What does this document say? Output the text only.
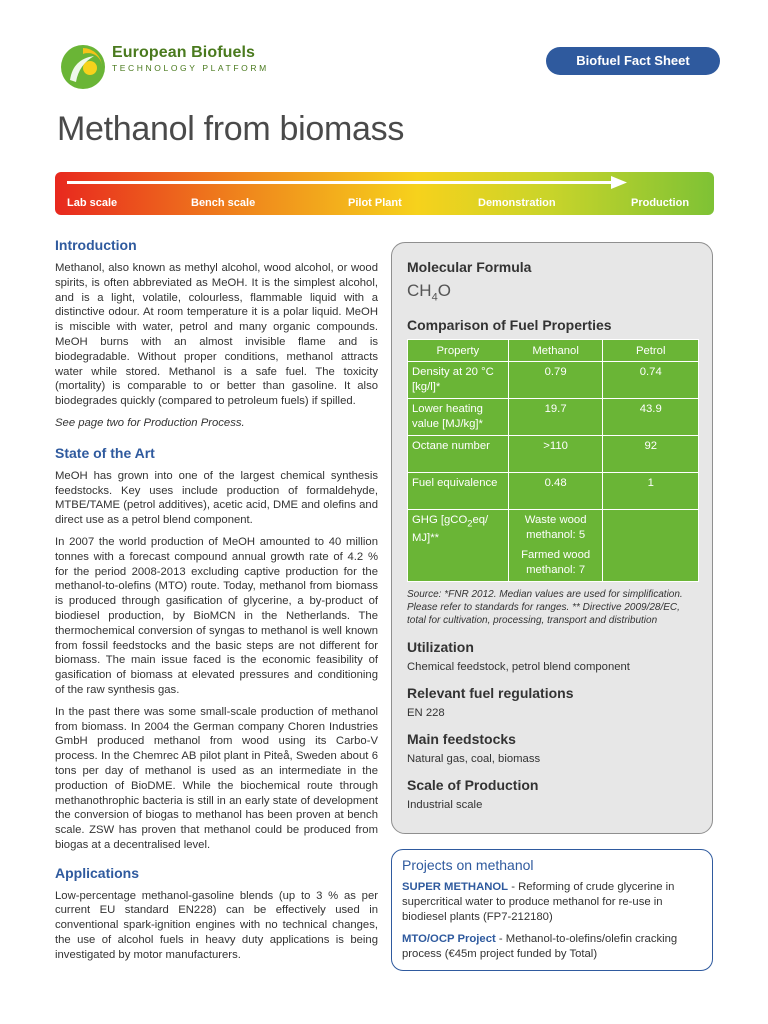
European Biofuels
TECHNOLOGY PLATFORM	Biofuel Fact Sheet
Methanol from biomass
Lab scale	Bench scale	Pilot Plant	Demonstration	Production
Introduction

Methanol, also known as methyl alcohol, wood alcohol, or wood spirits, is often abbreviated as MeOH. It is the simplest alcohol, and is a light, volatile, colourless, flammable liquid with a distinctive odour. At room temperature it is a polar liquid. MeOH is miscible with water, petrol and many organic compounds. MeOH burns with an almost invisible flame and is biodegradable. Without proper conditions, methanol attracts water while stored. Methanol is a safe fuel. The toxicity (mortality) is comparable to or better than gasoline. It also biodegrades quickly (compared to petroleum fuels) if spilled.

See page two for Production Process.

State of the Art

MeOH has grown into one of the largest chemical synthesis feedstocks. Key uses include production of formaldehyde, MTBE/TAME (petrol additives), acetic acid, DME and olefins and direct use as a petrol blend component.

In 2007 the world production of MeOH amounted to 40 million tonnes with a forecast compound annual growth rate of 4.2 % for the period 2008-2013 excluding captive production for the methanol-to-olefins (MTO) route. Today, methanol from biomass is produced through gasification of glycerine, a by-product of biodiesel production, by BioMCN in the Netherlands. The thermochemical conversion of syngas to methanol is well known from fossil feedstocks and the basic steps are not different for biomass. The main issue faced is the economic feasibility of gasification of biomass at elevated pressures and conditioning of the raw synthesis gas.

In the past there was some small-scale production of methanol from biomass. In 2004 the German company Choren Industries GmbH produced methanol from wood using its Carbo-V process. In the Chemrec AB pilot plant in Piteå, Sweden about 6 tons per day of methanol is used as an intermediate in the production of BioDME. While the biochemical route through methanothrophic bacteria is still in an early state of development the conversion of biogas to methanol has been proven at bench scale. ZSW has proven that methanol could be produced from biogas at a decentralised level.

Applications

Low-percentage methanol-gasoline blends (up to 3 % as per current EU standard EN228) can be effectively used in conventional spark-ignition engines with no technical changes, the use of alcohol fuels in heavy duty applications is being investigated by motor manufacturers.

Molecular Formula
$CH_4O$
Comparison of Fuel Properties
Property	Methanol	Petrol
Density at 20 °C [kg/l]*	0.79	0.74
Lower heating value [MJ/kg]*	19.7	43.9
Octane number	>110	92
Fuel equivalence	0.48	1
GHG [gCO$_2$eq/ MJ]**	Waste wood methanol: 5
Farmed wood methanol: 7	

Source: *FNR 2012. Median values are used for simplification. Please refer to standards for ranges. ** Directive 2009/28/EC, total for cultivation, processing, transport and distribution

Utilization
Chemical feedstock, petrol blend component
Relevant fuel regulations
EN 228
Main feedstocks
Natural gas, coal, biomass
Scale of Production
Industrial scale
Projects on methanol
SUPER METHANOL - Reforming of crude glycerine in supercritical water to produce methanol for re-use in biodiesel plants (FP7-212180)
MTO/OCP Project - Methanol-to-olefins/olefin cracking process (€45m project funded by Total)
